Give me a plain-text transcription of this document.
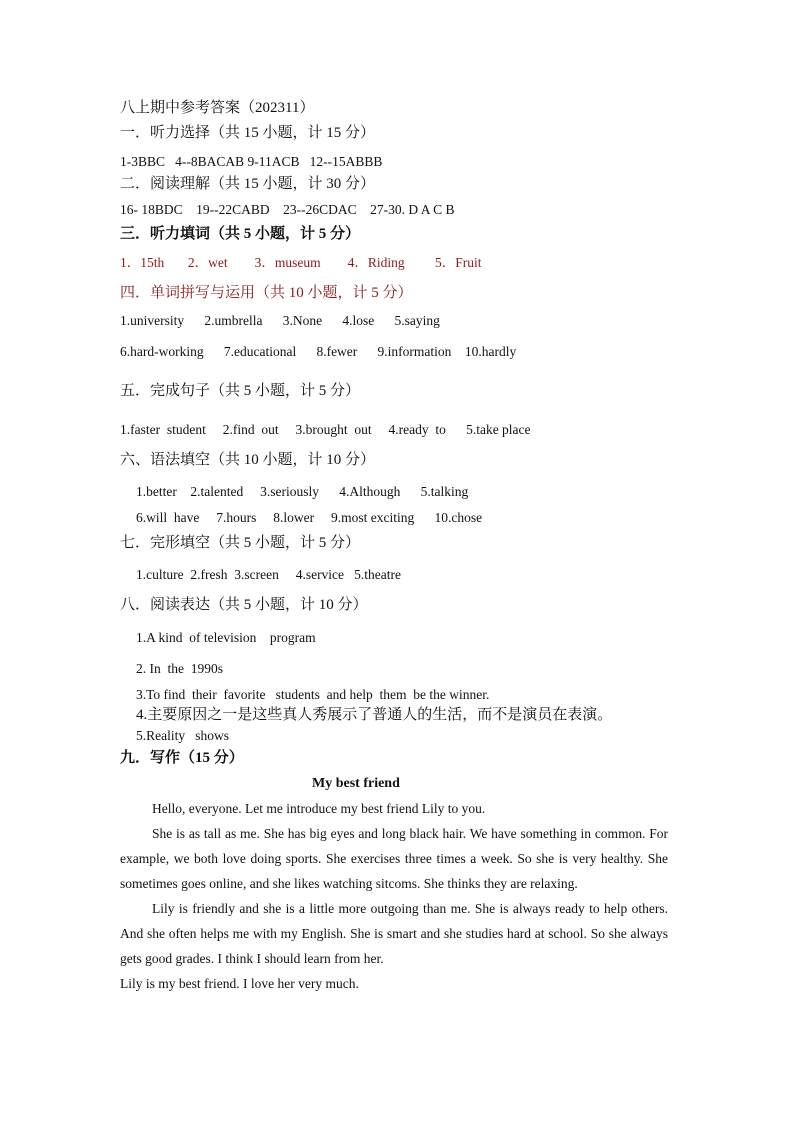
八上期中参考答案（202311）
一．听力选择（共 15 小题，计 15 分）
1-3BBC   4--8BACAB 9-11ACB   12--15ABBB
二．阅读理解（共 15 小题，计 30 分）
16- 18BDC    19--22CABD    23--26CDAC    27-30. D A C B
三．听力填词（共 5 小题，计 5 分）
1．15th       2．wet        3．museum        4．Riding         5．Fruit
四．单词拼写与运用（共 10 小题，计 5 分）
1.university      2.umbrella      3.None      4.lose      5.saying
6.hard-working      7.educational      8.fewer      9.information    10.hardly
五．完成句子（共 5 小题，计 5 分）
1.faster  student     2.find  out     3.brought  out     4.ready  to      5.take place
六、语法填空（共 10 小题，计 10 分）
1.better    2.talented     3.seriously      4.Although      5.talking
6.will  have     7.hours     8.lower     9.most exciting      10.chose
七．完形填空（共 5 小题，计 5 分）
1.culture  2.fresh  3.screen     4.service   5.theatre
八．阅读表达（共 5 小题，计 10 分）
1.A kind  of television    program
2. In  the  1990s
3.To find  their  favorite   students  and help  them  be the winner.
4.主要原因之一是这些真人秀展示了普通人的生活，而不是演员在表演。
5.Reality   shows
九．写作（15 分）
My best friend

Hello, everyone. Let me introduce my best friend Lily to you.

She is as tall as me. She has big eyes and long black hair. We have something in common. For example, we both love doing sports. She exercises three times a week. So she is very healthy. She sometimes goes online, and she likes watching sitcoms. She thinks they are relaxing.

Lily is friendly and she is a little more outgoing than me. She is always ready to help others. And she often helps me with my English. She is smart and she studies hard at school. So she always gets good grades. I think I should learn from her.

Lily is my best friend. I love her very much.
